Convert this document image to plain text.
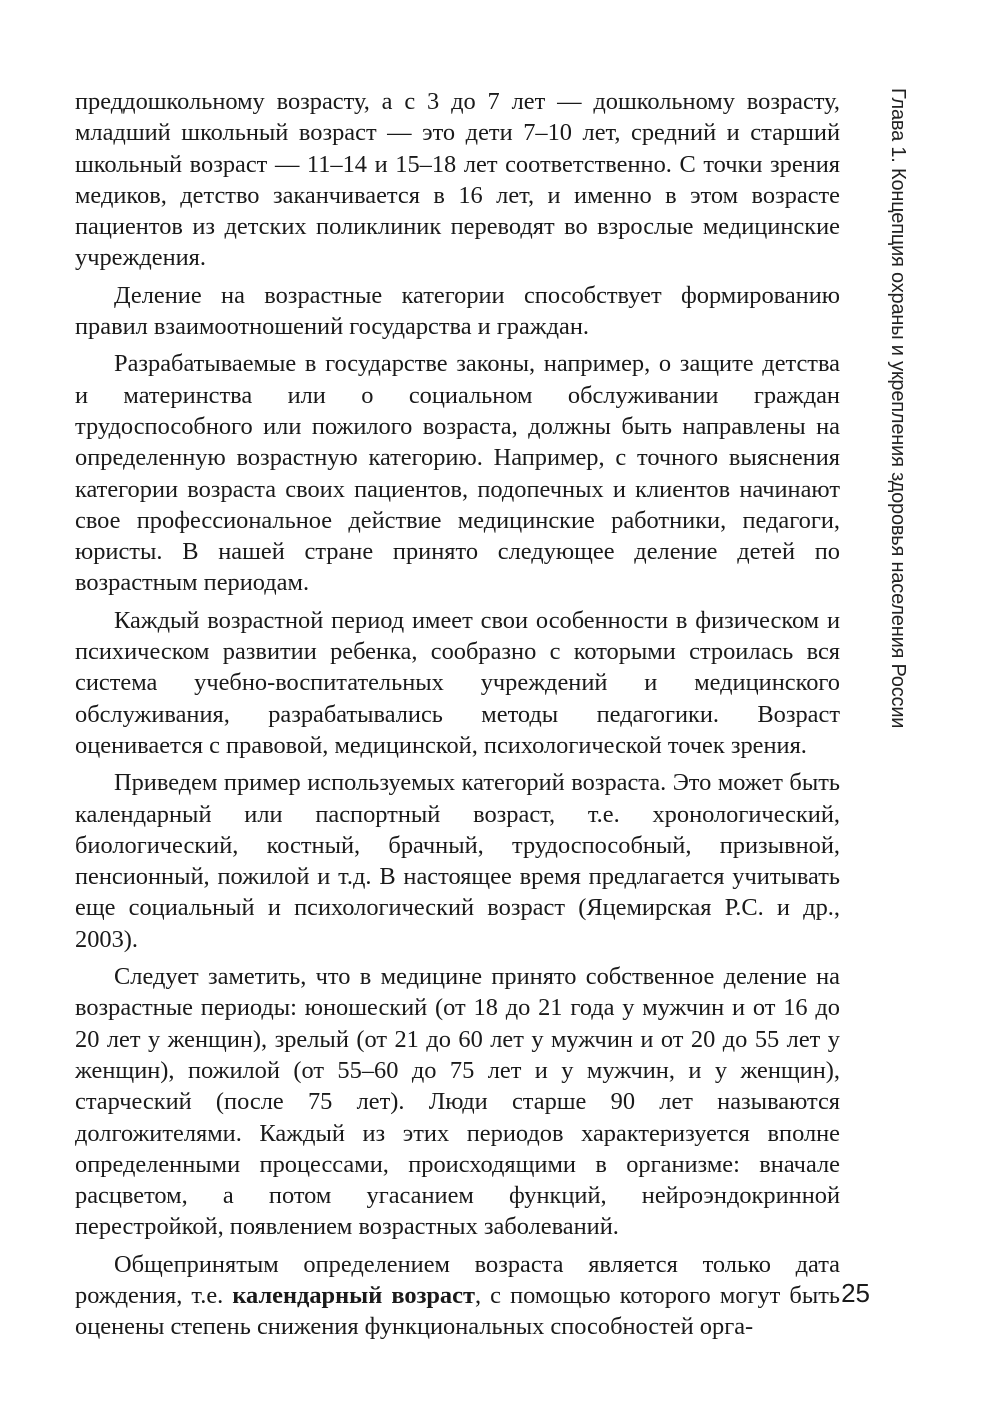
Глава 1. Концепция охраны и укрепления здоровья населения России

преддошкольному возрасту, а с 3 до 7 лет — дошкольному возрасту, младший школьный возраст — это дети 7–10 лет, средний и старший школьный возраст — 11–14 и 15–18 лет соответственно. С точки зрения медиков, детство заканчивается в 16 лет, и именно в этом возрасте пациентов из детских поликлиник переводят во взрослые медицинские учреждения.

Деление на возрастные категории способствует формированию правил взаимоотношений государства и граждан.

Разрабатываемые в государстве законы, например, о защите детства и материнства или о социальном обслуживании граждан трудоспособного или пожилого возраста, должны быть направлены на определенную возрастную категорию. Например, с точного выяснения категории возраста своих пациентов, подопечных и клиентов начинают свое профессиональное действие медицинские работники, педагоги, юристы. В нашей стране принято следующее деление детей по возрастным периодам.

Каждый возрастной период имеет свои особенности в физическом и психическом развитии ребенка, сообразно с которыми строилась вся система учебно-воспитательных учреждений и медицинского обслуживания, разрабатывались методы педагогики. Возраст оценивается с правовой, медицинской, психологической точек зрения.

Приведем пример используемых категорий возраста. Это может быть календарный или паспортный возраст, т.е. хронологический, биологический, костный, брачный, трудоспособный, призывной, пенсионный, пожилой и т.д. В настоящее время предлагается учитывать еще социальный и психологический возраст (Яцемирская Р.С. и др., 2003).

Следует заметить, что в медицине принято собственное деление на возрастные периоды: юношеский (от 18 до 21 года у мужчин и от 16 до 20 лет у женщин), зрелый (от 21 до 60 лет у мужчин и от 20 до 55 лет у женщин), пожилой (от 55–60 до 75 лет и у мужчин, и у женщин), старческий (после 75 лет). Люди старше 90 лет называются долгожителями. Каждый из этих периодов характеризуется вполне определенными процессами, происходящими в организме: вначале расцветом, а потом угасанием функций, нейроэндокринной перестройкой, появлением возрастных заболеваний.

Общепринятым определением возраста является только дата рождения, т.е. календарный возраст, с помощью которого могут быть оценены степень снижения функциональных способностей орга-

25
